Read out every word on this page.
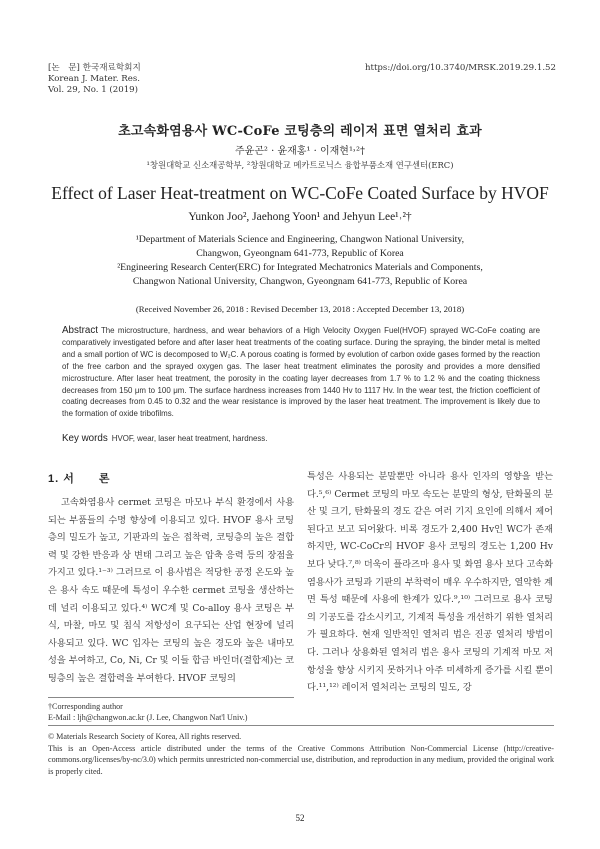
[논　문] 한국재료학회지
Korean J. Mater. Res.
Vol. 29, No. 1 (2019)
https://doi.org/10.3740/MRSK.2019.29.1.52
초고속화염용사 WC-CoFe 코팅층의 레이저 표면 열처리 효과
주윤곤² · 윤재홍¹ · 이재현¹˒²†
¹창원대학교 신소재공학부, ²창원대학교 메카트로닉스 융합부품소재 연구센터(ERC)
Effect of Laser Heat-treatment on WC-CoFe Coated Surface by HVOF
Yunkon Joo², Jaehong Yoon¹ and Jehyun Lee¹˒²†
¹Department of Materials Science and Engineering, Changwon National University,
Changwon, Gyeongnam 641-773, Republic of Korea
²Engineering Research Center(ERC) for Integrated Mechatronics Materials and Components,
Changwon National University, Changwon, Gyeongnam 641-773, Republic of Korea
(Received November 26, 2018 : Revised December 13, 2018 : Accepted December 13, 2018)
Abstract The microstructure, hardness, and wear behaviors of a High Velocity Oxygen Fuel(HVOF) sprayed WC-CoFe coating are comparatively investigated before and after laser heat treatments of the coating surface. During the spraying, the binder metal is melted and a small portion of WC is decomposed to W₂C. A porous coating is formed by evolution of carbon oxide gases formed by the reaction of the free carbon and the sprayed oxygen gas. The laser heat treatment eliminates the porosity and provides a more densified microstructure. After laser heat treatment, the porosity in the coating layer decreases from 1.7 % to 1.2 % and the coating thickness decreases from 150 μm to 100 μm. The surface hardness increases from 1440 Hv to 1117 Hv. In the wear test, the friction coefficient of coating decreases from 0.45 to 0.32 and the wear resistance is improved by the laser heat treatment. The improvement is likely due to the formation of oxide tribofilms.
Key words HVOF, wear, laser heat treatment, hardness.
1. 서　　론

고속화염용사 cermet 코팅은 마모나 부식 환경에서 사용되는 부품들의 수명 향상에 이용되고 있다. HVOF 용사 코팅층의 밀도가 높고, 기판과의 높은 접착력, 코팅층의 높은 결합력 및 강한 반응과 상 변태 그리고 높은 압축 응력 등의 장점을 가지고 있다.¹⁻³⁾ 그러므로 이 용사법은 적당한 공정 온도와 높은 용사 속도 때문에 특성이 우수한 cermet 코팅을 생산하는데 널리 이용되고 있다.⁴⁾ WC계 및 Co-alloy 용사 코팅은 부식, 마찰, 마모 및 침식 저항성이 요구되는 산업 현장에 널리 사용되고 있다. WC 입자는 코팅의 높은 경도와 높은 내마모성을 부여하고, Co, Ni, Cr 및 이들 합금 바인더(결합제)는 코팅층의 높은 결합력을 부여한다. HVOF 코팅의

특성은 사용되는 분말뿐만 아니라 용사 인자의 영향을 받는다.⁵,⁶⁾ Cermet 코팅의 마모 속도는 분말의 형상, 탄화물의 분산 및 크기, 탄화물의 경도 같은 여러 기지 요인에 의해서 제어된다고 보고 되어왔다. 비록 경도가 2,400 Hv인 WC가 존재하지만, WC-CoCr의 HVOF 용사 코팅의 경도는 1,200 Hv 보다 낮다.⁷,⁸⁾ 더욱이 플라즈마 용사 및 화염 용사 보다 고속화염용사가 코팅과 기판의 부착력이 매우 우수하지만, 열악한 계면 특성 때문에 사용에 한계가 있다.⁹,¹⁰⁾ 그러므로 용사 코팅의 기공도를 감소시키고, 기계적 특성을 개선하기 위한 열처리가 필요하다. 현재 일반적인 열처리 법은 진공 열처리 방법이다. 그러나 상용화된 열처리 법은 용사 코팅의 기계적 마모 저항성을 향상 시키지 못하거나 아주 미세하게 증가를 시킬 뿐이다.¹¹,¹²⁾ 레이저 열처리는 코팅의 밀도, 강

†Corresponding author
E-Mail : ljh@changwon.ac.kr (J. Lee, Changwon Nat'l Univ.)
© Materials Research Society of Korea, All rights reserved.
This is an Open-Access article distributed under the terms of the Creative Commons Attribution Non-Commercial License (http://creative-commons.org/licenses/by-nc/3.0) which permits unrestricted non-commercial use, distribution, and reproduction in any medium, provided the original work is properly cited.
52
